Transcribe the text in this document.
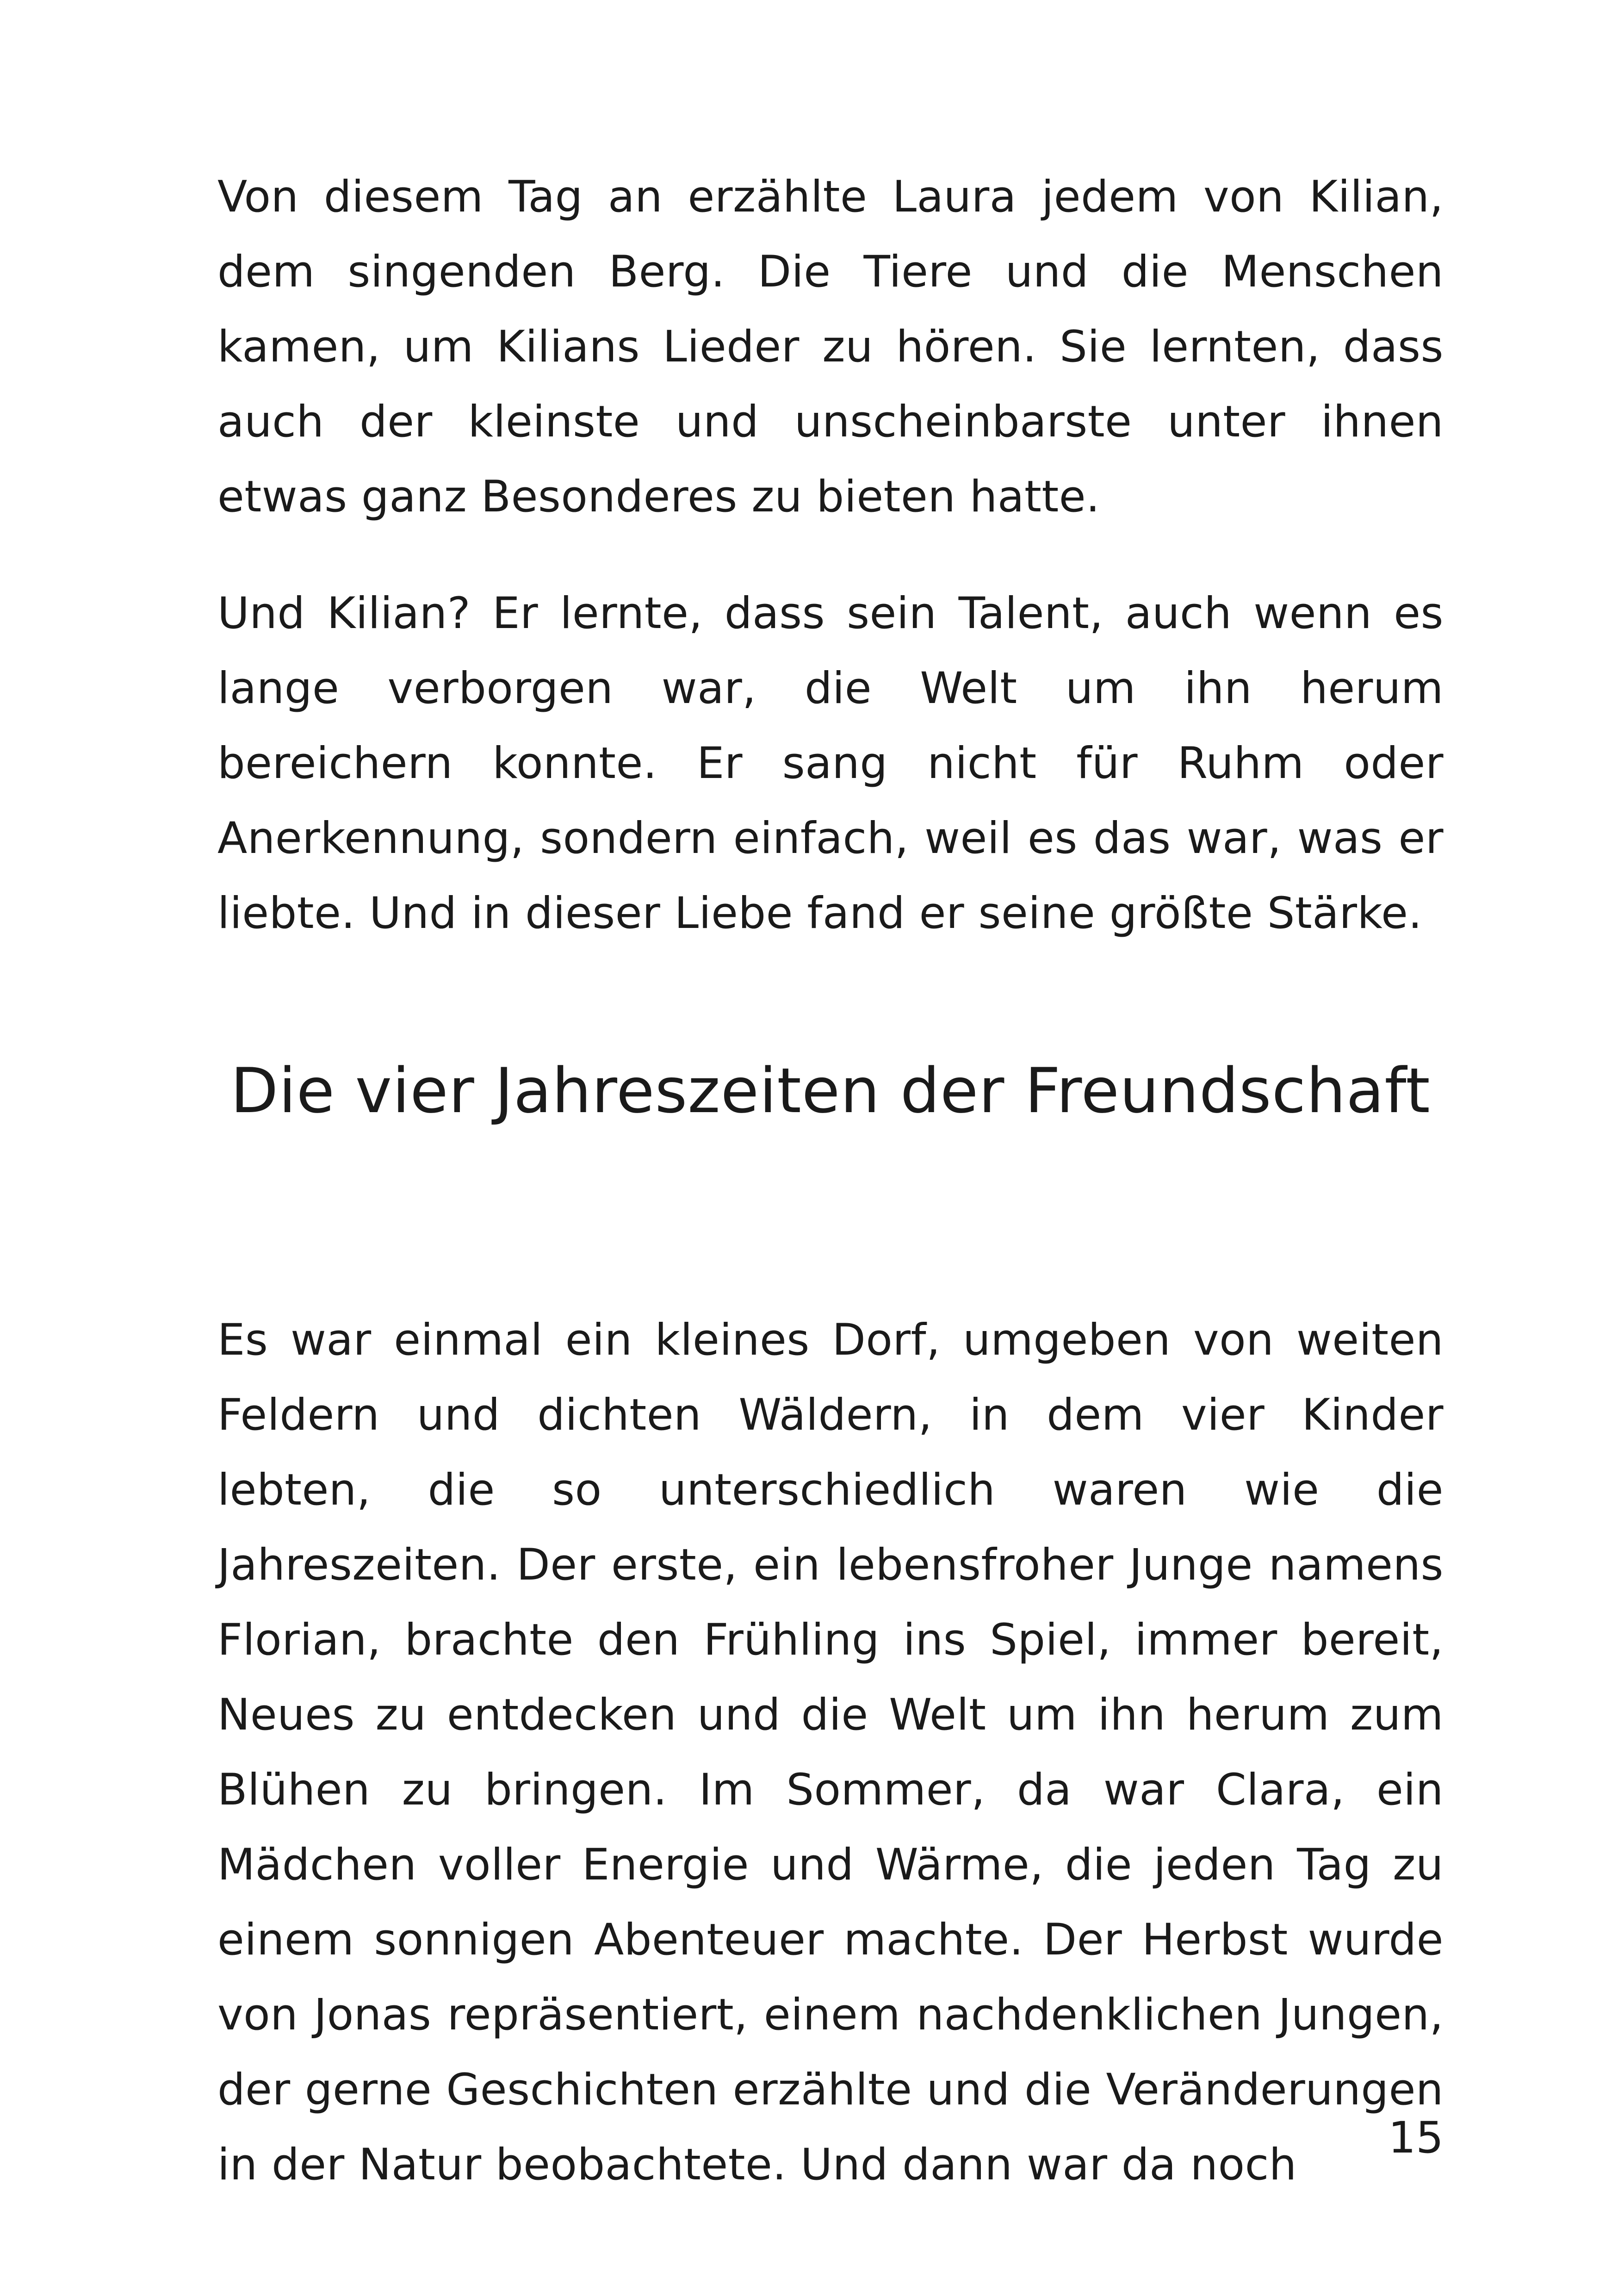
Von diesem Tag an erzählte Laura jedem von Kilian, dem singenden Berg. Die Tiere und die Menschen kamen, um Kilians Lieder zu hören. Sie lernten, dass auch der kleinste und unscheinbarste unter ihnen etwas ganz Besonderes zu bieten hatte.

Und Kilian? Er lernte, dass sein Talent, auch wenn es lange verborgen war, die Welt um ihn herum bereichern konnte. Er sang nicht für Ruhm oder Anerkennung, sondern einfach, weil es das war, was er liebte. Und in dieser Liebe fand er seine größte Stärke.

Die vier Jahreszeiten der Freundschaft

Es war einmal ein kleines Dorf, umgeben von weiten Feldern und dichten Wäldern, in dem vier Kinder lebten, die so unterschiedlich waren wie die Jahreszeiten. Der erste, ein lebensfroher Junge namens Florian, brachte den Frühling ins Spiel, immer bereit, Neues zu entdecken und die Welt um ihn herum zum Blühen zu bringen. Im Sommer, da war Clara, ein Mädchen voller Energie und Wärme, die jeden Tag zu einem sonnigen Abenteuer machte. Der Herbst wurde von Jonas repräsentiert, einem nachdenklichen Jungen, der gerne Geschichten erzählte und die Veränderungen in der Natur beobachtete. Und dann war da noch

15
